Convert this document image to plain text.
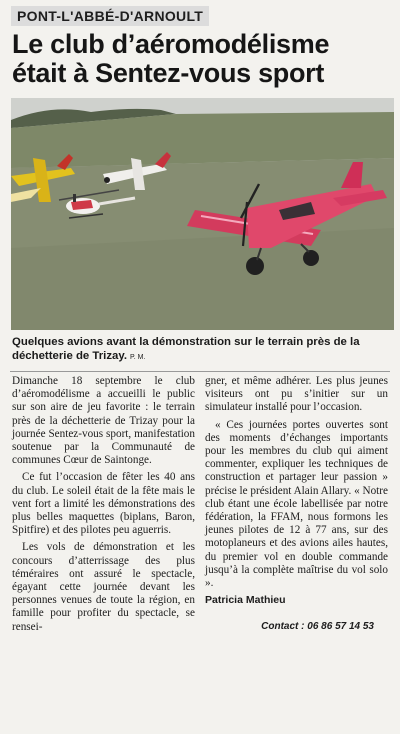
PONT-L'ABBÉ-D'ARNOULT
Le club d’aéromodélisme
était à Sentez-vous sport
Quelques avions avant la démonstration sur le terrain près de la déchetterie de Trizay. P. M.

Dimanche 18 septembre le club d’aéromodélisme a accueilli le public sur son aire de jeu favorite : le terrain près de la déchetterie de Trizay pour la journée Sentez-vous sport, manifestation soutenue par la Communauté de communes Cœur de Saintonge.

Ce fut l’occasion de fêter les 40 ans du club. Le soleil était de la fête mais le vent fort a limité les démonstrations des plus belles maquettes (biplans, Baron, Spitfire) et des pilotes peu aguerris.

Les vols de démonstration et les concours d’atterrissage des plus téméraires ont assuré le spectacle, égayant cette journée devant les personnes venues de toute la région, en famille pour profiter du spectacle, se rensei-

gner, et même adhérer. Les plus jeunes visiteurs ont pu s’initier sur un simulateur installé pour l’occasion.

« Ces journées portes ouvertes sont des moments d’échanges importants pour les membres du club qui aiment commenter, expliquer les techniques de construction et partager leur passion » précise le président Alain Allary. « Notre club étant une école labellisée par notre fédération, la FFAM, nous formons les jeunes pilotes de 12 à 77 ans, sur des motoplaneurs et des avions ailes hautes, du premier vol en double commande jusqu’à la complète maîtrise du vol solo ».

Patricia Mathieu
Contact : 06 86 57 14 53
